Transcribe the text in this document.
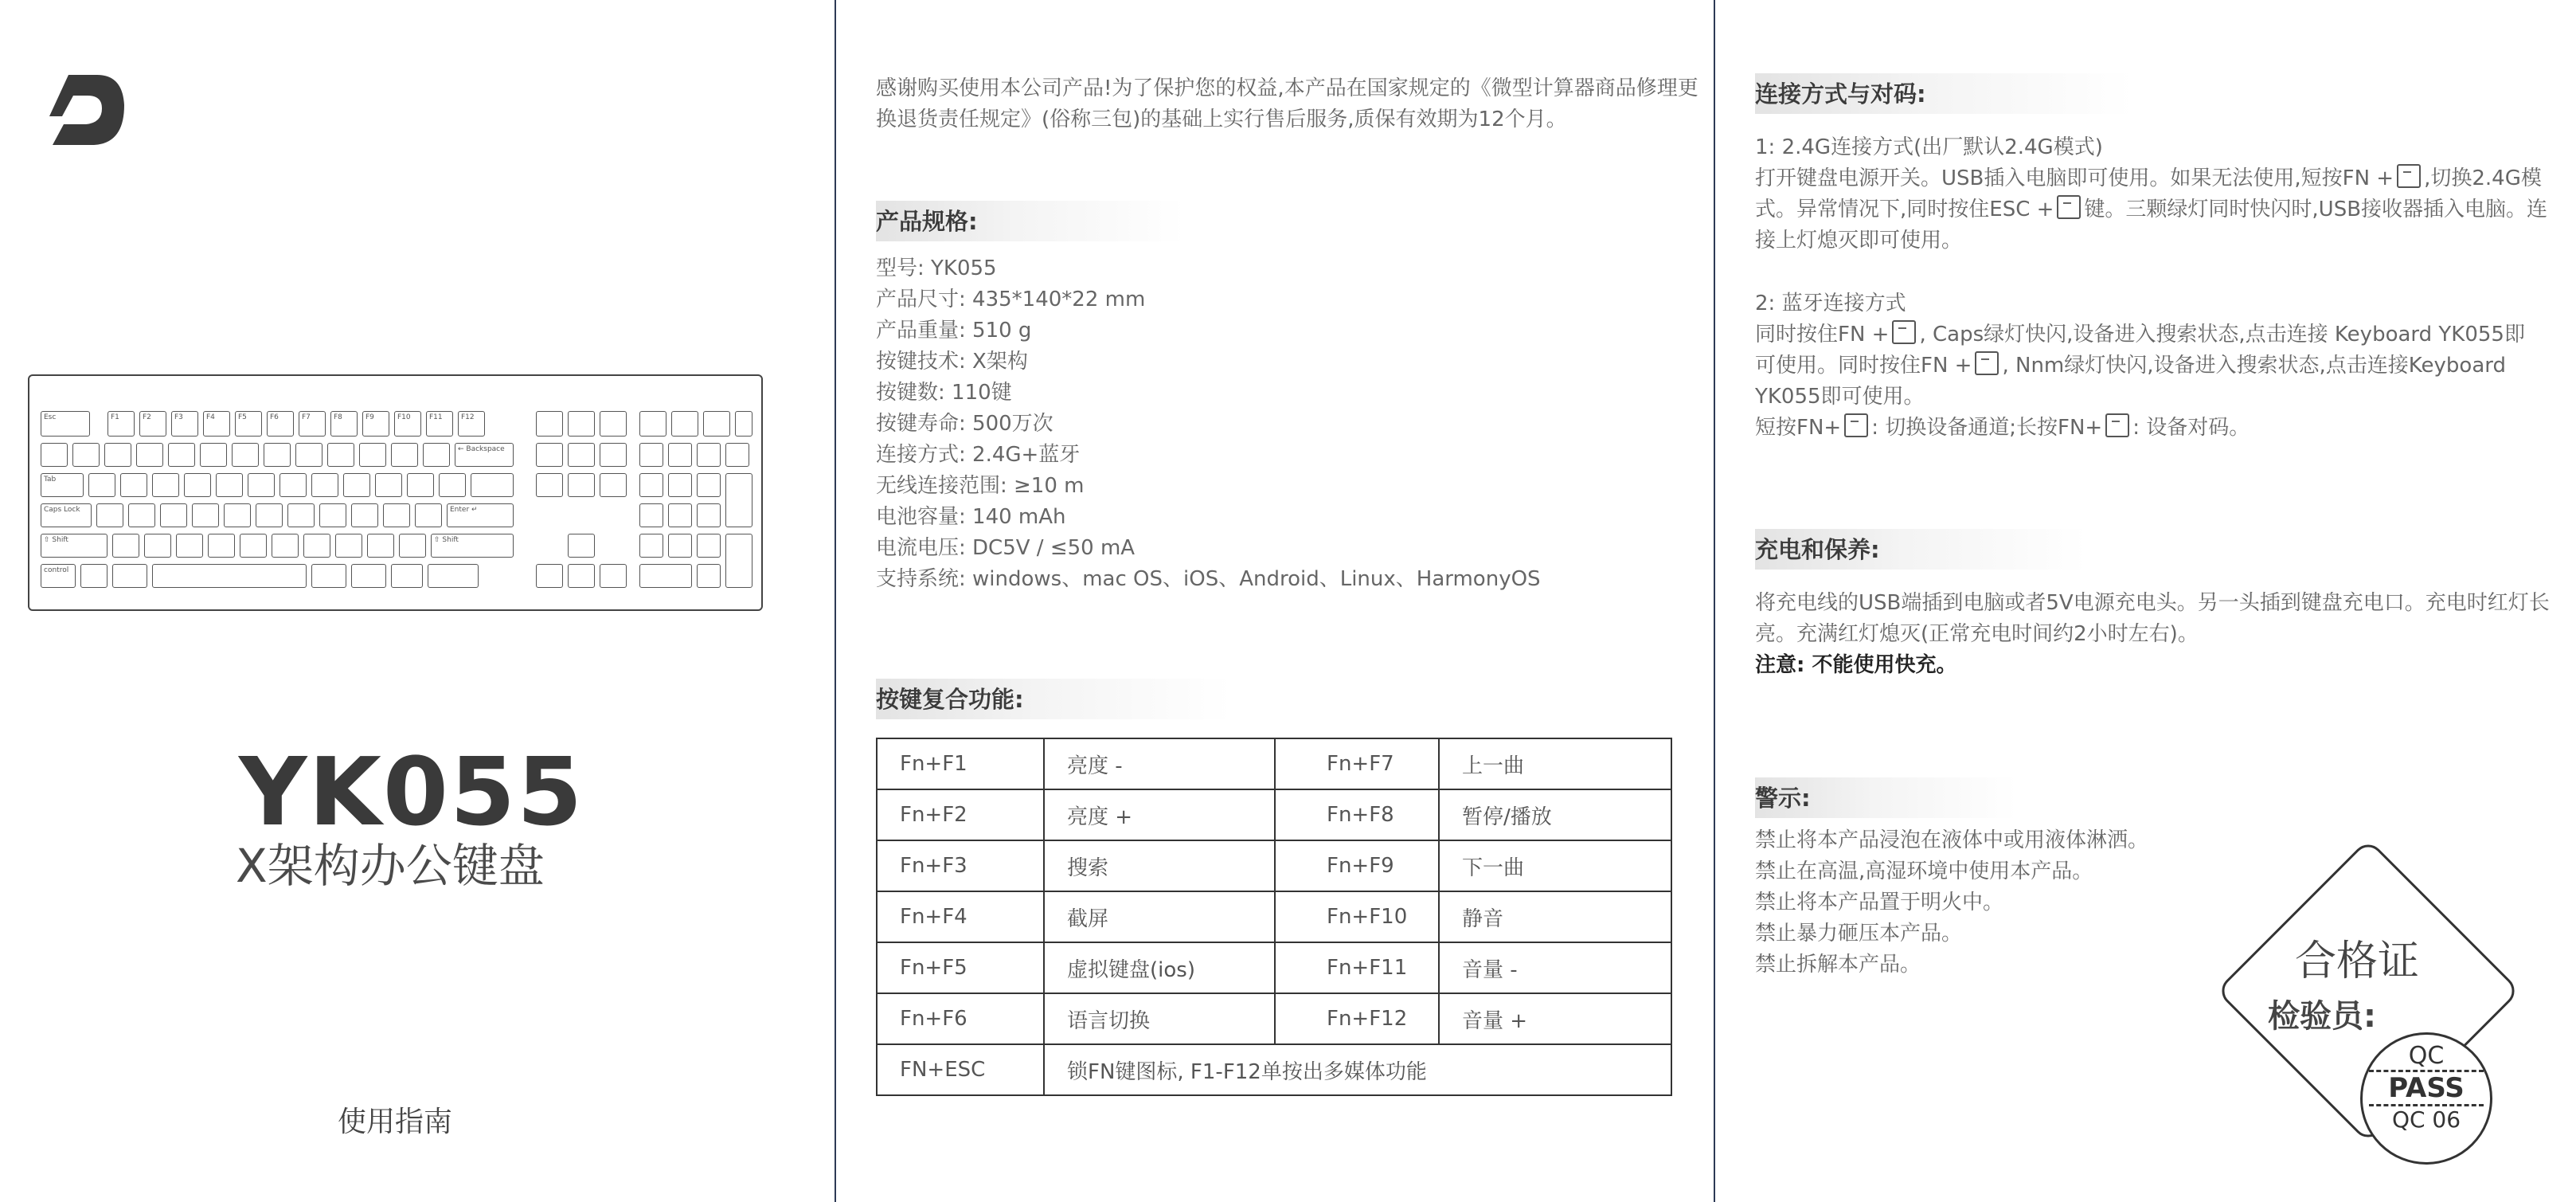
Esc	F1	F2	F3	F4	F5	F6	F7	F8	F9	F10	F11	F12
← Backspace
Tab
Caps Lock	Enter ↵
⇧ Shift	⇧ Shift
control
YK055
X架构办公键盘
使用指南
感谢购买使用本公司产品!为了保护您的权益,本产品在国家规定的《微型计算器商品修理更换退货责任规定》(俗称三包)的基础上实行售后服务,质保有效期为12个月。
产品规格:
型号: YK055
产品尺寸: 435*140*22 mm
产品重量: 510 g
按键技术: X架构
按键数: 110键
按键寿命: 500万次
连接方式: 2.4G+蓝牙
无线连接范围: ≥10 m
电池容量: 140 mAh
电流电压: DC5V / ≤50 mA
支持系统: windows、mac OS、iOS、Android、Linux、HarmonyOS
按键复合功能:
Fn+F1	亮度 -	Fn+F7	上一曲
Fn+F2	亮度 +	Fn+F8	暂停/播放
Fn+F3	搜索	Fn+F9	下一曲
Fn+F4	截屏	Fn+F10	静音
Fn+F5	虚拟键盘(ios)	Fn+F11	音量 -
Fn+F6	语言切换	Fn+F12	音量 +
FN+ESC	锁FN键图标, F1-F12单按出多媒体功能		
连接方式与对码:
1: 2.4G连接方式(出厂默认2.4G模式)
打开键盘电源开关。USB插入电脑即可使用。如果无法使用,短按FN + ,切换2.4G模
式。异常情况下,同时按住ESC + 键。三颗绿灯同时快闪时,USB接收器插入电脑。连
接上灯熄灭即可使用。
2: 蓝牙连接方式
同时按住FN + , Caps绿灯快闪,设备进入搜索状态,点击连接 Keyboard YK055即
可使用。同时按住FN + , Nnm绿灯快闪,设备进入搜索状态,点击连接Keyboard
YK055即可使用。
短按FN+ : 切换设备通道;长按FN+ : 设备对码。
充电和保养:
将充电线的USB端插到电脑或者5V电源充电头。另一头插到键盘充电口。充电时红灯长亮。充满红灯熄灭(正常充电时间约2小时左右)。
注意: 不能使用快充。
警示:
禁止将本产品浸泡在液体中或用液体淋洒。
禁止在高温,高湿环境中使用本产品。
禁止将本产品置于明火中。
禁止暴力砸压本产品。
禁止拆解本产品。	合格证
检验员:
QC
PASS
QC 06
